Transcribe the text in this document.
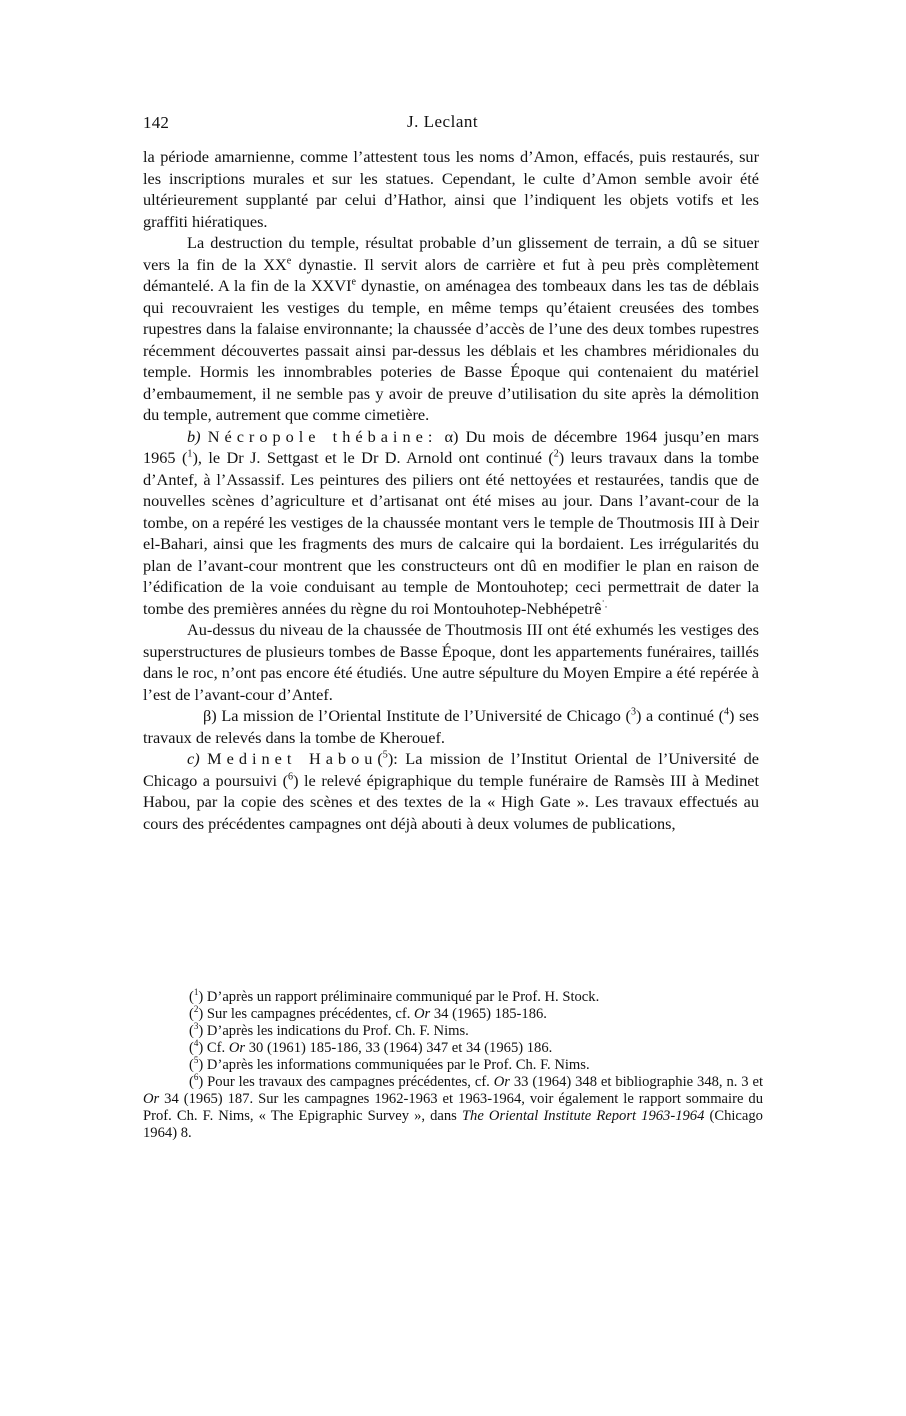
142	J. Leclant

la période amarnienne, comme l’attestent tous les noms d’Amon, effacés, puis restaurés, sur les inscriptions murales et sur les statues. Cependant, le culte d’Amon semble avoir été ultérieurement supplanté par celui d’Hathor, ainsi que l’indiquent les objets votifs et les graffiti hiératiques.

La destruction du temple, résultat probable d’un glissement de terrain, a dû se situer vers la fin de la XXe dynastie. Il servit alors de carrière et fut à peu près complètement démantelé. A la fin de la XXVIe dynastie, on aménagea des tombeaux dans les tas de déblais qui recouvraient les vestiges du temple, en même temps qu’étaient creusées des tombes rupestres dans la falaise environnante; la chaussée d’accès de l’une des deux tombes rupestres récemment découvertes passait ainsi par-dessus les déblais et les chambres méridionales du temple. Hormis les innombrables poteries de Basse Époque qui contenaient du matériel d’embaumement, il ne semble pas y avoir de preuve d’utilisation du site après la démolition du temple, autrement que comme cimetière.

b) Nécropole thébaine: α) Du mois de décembre 1964 jusqu’en mars 1965 ($^1$), le Dr J. Settgast et le Dr D. Arnold ont continué ($^2$) leurs travaux dans la tombe d’Antef, à l’Assassif. Les peintures des piliers ont été nettoyées et restaurées, tandis que de nouvelles scènes d’agriculture et d’artisanat ont été mises au jour. Dans l’avant-cour de la tombe, on a repéré les vestiges de la chaussée montant vers le temple de Thoutmosis III à Deir el-Bahari, ainsi que les fragments des murs de calcaire qui la bordaient. Les irrégularités du plan de l’avant-cour montrent que les constructeurs ont dû en modifier le plan en raison de l’édification de la voie conduisant au temple de Montouhotep; ceci permettrait de dater la tombe des premières années du règne du roi Montouhotep-Nebhépetrê$^{ʿ.}$

Au-dessus du niveau de la chaussée de Thoutmosis III ont été exhumés les vestiges des superstructures de plusieurs tombes de Basse Époque, dont les appartements funéraires, taillés dans le roc, n’ont pas encore été étudiés. Une autre sépulture du Moyen Empire a été repérée à l’est de l’avant-cour d’Antef.

β) La mission de l’Oriental Institute de l’Université de Chicago ($^3$) a continué ($^4$) ses travaux de relevés dans la tombe de Kherouef.

c) Medinet Habou($^5$): La mission de l’Institut Oriental de l’Université de Chicago a poursuivi ($^6$) le relevé épigraphique du temple funéraire de Ramsès III à Medinet Habou, par la copie des scènes et des textes de la « High Gate ». Les travaux effectués au cours des précédentes campagnes ont déjà abouti à deux volumes de publications,

($^1$) D’après un rapport préliminaire communiqué par le Prof. H. Stock.

($^2$) Sur les campagnes précédentes, cf. Or 34 (1965) 185-186.

($^3$) D’après les indications du Prof. Ch. F. Nims.

($^4$) Cf. Or 30 (1961) 185-186, 33 (1964) 347 et 34 (1965) 186.

($^5$) D’après les informations communiquées par le Prof. Ch. F. Nims.

($^6$) Pour les travaux des campagnes précédentes, cf. Or 33 (1964) 348 et bibliographie 348, n. 3 et Or 34 (1965) 187. Sur les campagnes 1962-1963 et 1963-1964, voir également le rapport sommaire du Prof. Ch. F. Nims, « The Epigraphic Survey », dans The Oriental Institute Report 1963-1964 (Chicago 1964) 8.
